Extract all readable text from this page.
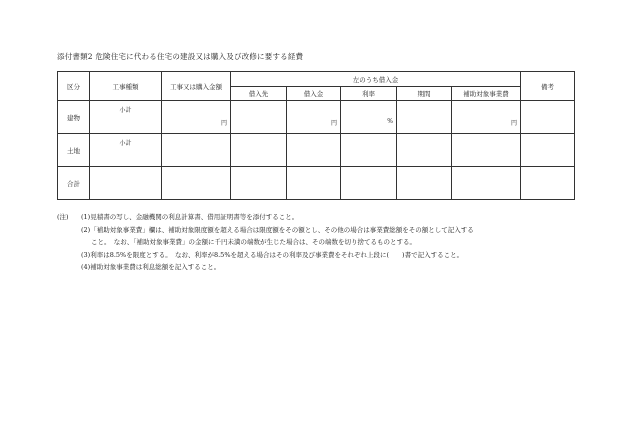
添付書類2 危険住宅に代わる住宅の建設又は購入及び改修に要する経費
区分	工事種類	工事又は購入金額	左のうち借入金					備考
			借入先	借入金	利率	期間	補助対象事業費	
建物	小計	円		円	%		円	

土地	小計							

合計								
(注)	(1)見積書の写し、金融機関の利息計算書、借用証明書等を添付すること。
(2)「補助対象事業費」欄は、補助対象限度額を超える場合は限度額をその額とし、その他の場合は事業費総額をその額として記入する
こと。　なお、「補助対象事業費」の金額に千円未満の端数が生じた場合は、その端数を切り捨てるものとする。
(3)利率は8.5%を限度とする。　なお、利率が8.5%を超える場合はその利率及び事業費をそれぞれ上段に(　　)書で記入すること。
(4)補助対象事業費は利息総額を記入すること。
